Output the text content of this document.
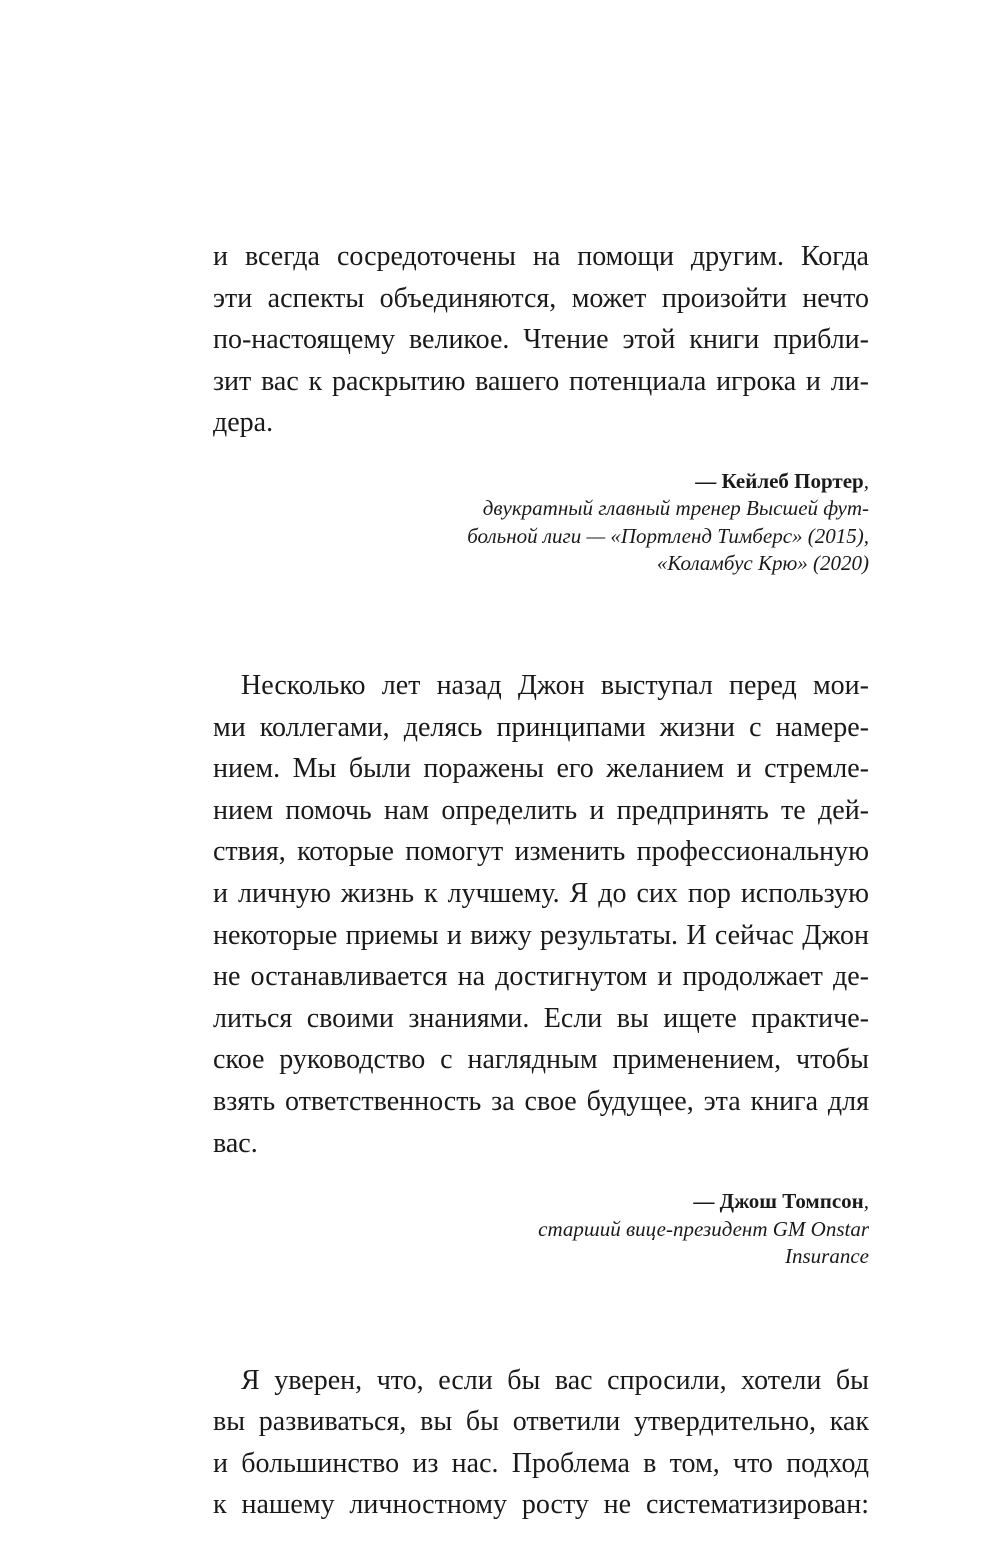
и всегда сосредоточены на помощи другим. Когда
эти аспекты объединяются, может произойти нечто
по-настоящему великое. Чтение этой книги прибли-
зит вас к раскрытию вашего потенциала игрока и ли-
дера.
— Кейлеб Портер,
двукратный главный тренер Высшей фут-
больной лиги — «Портленд Тимберс» (2015),
«Коламбус Крю» (2020)
Несколько лет назад Джон выступал перед мои-
ми коллегами, делясь принципами жизни с намере-
нием. Мы были поражены его желанием и стремле-
нием помочь нам определить и предпринять те дей-
ствия, которые помогут изменить профессиональную
и личную жизнь к лучшему. Я до сих пор использую
некоторые приемы и вижу результаты. И сейчас Джон
не останавливается на достигнутом и продолжает де-
литься своими знаниями. Если вы ищете практиче-
ское руководство с наглядным применением, чтобы
взять ответственность за свое будущее, эта книга для
вас.
— Джош Томпсон,
старший вице-президент GM Onstar
Insurance
Я уверен, что, если бы вас спросили, хотели бы
вы развиваться, вы бы ответили утвердительно, как
и большинство из нас. Проблема в том, что подход
к нашему личностному росту не систематизирован:
